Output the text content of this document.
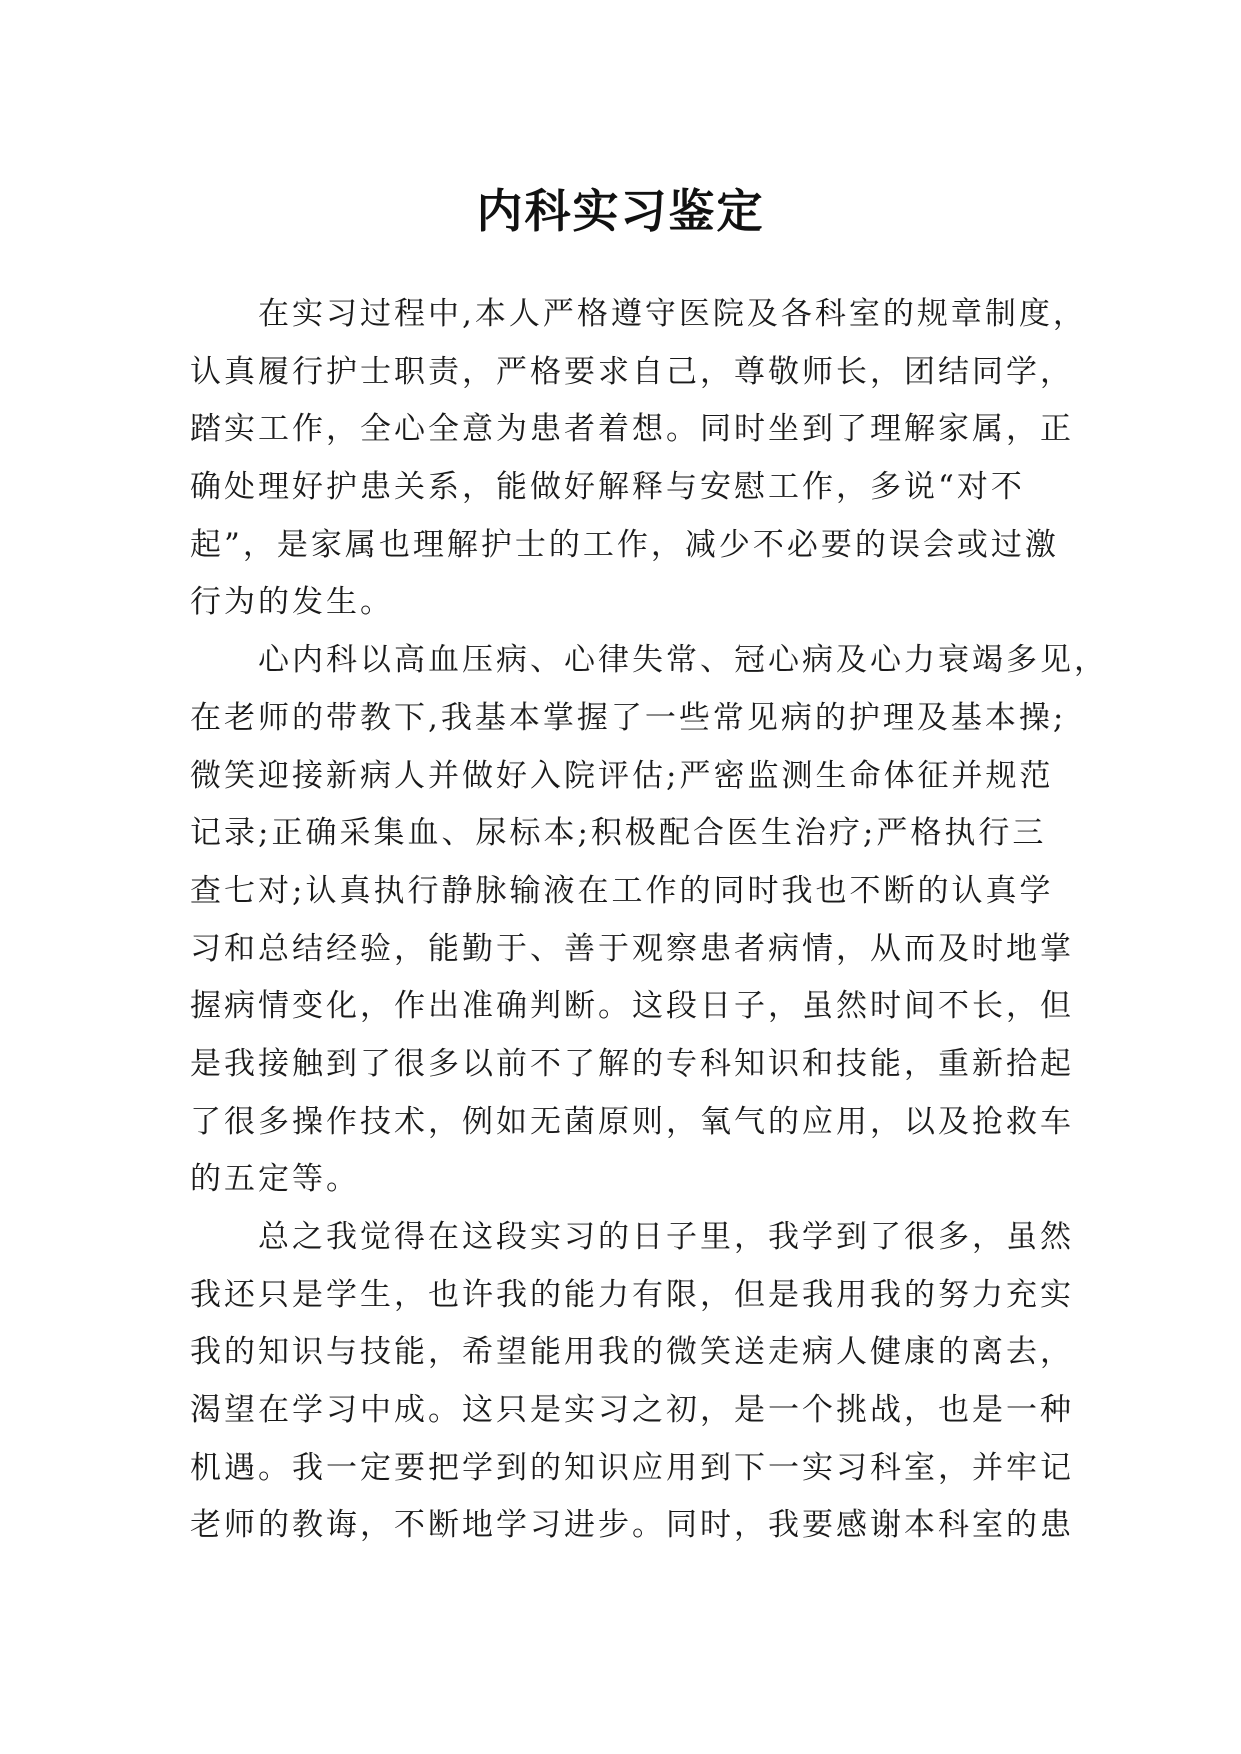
内科实习鉴定
在实习过程中,本人严格遵守医院及各科室的规章制度，
认真履行护士职责，严格要求自己，尊敬师长，团结同学，
踏实工作，全心全意为患者着想。同时坐到了理解家属，正
确处理好护患关系，能做好解释与安慰工作，多说“对不
起”，是家属也理解护士的工作，减少不必要的误会或过激
行为的发生。
心内科以高血压病、心律失常、冠心病及心力衰竭多见，
在老师的带教下,我基本掌握了一些常见病的护理及基本操;
微笑迎接新病人并做好入院评估;严密监测生命体征并规范
记录;正确采集血、尿标本;积极配合医生治疗;严格执行三
查七对;认真执行静脉输液在工作的同时我也不断的认真学
习和总结经验，能勤于、善于观察患者病情，从而及时地掌
握病情变化，作出准确判断。这段日子，虽然时间不长，但
是我接触到了很多以前不了解的专科知识和技能，重新拾起
了很多操作技术，例如无菌原则，氧气的应用，以及抢救车
的五定等。
总之我觉得在这段实习的日子里，我学到了很多，虽然
我还只是学生，也许我的能力有限，但是我用我的努力充实
我的知识与技能，希望能用我的微笑送走病人健康的离去，
渴望在学习中成。这只是实习之初，是一个挑战，也是一种
机遇。我一定要把学到的知识应用到下一实习科室，并牢记
老师的教诲，不断地学习进步。同时，我要感谢本科室的患
